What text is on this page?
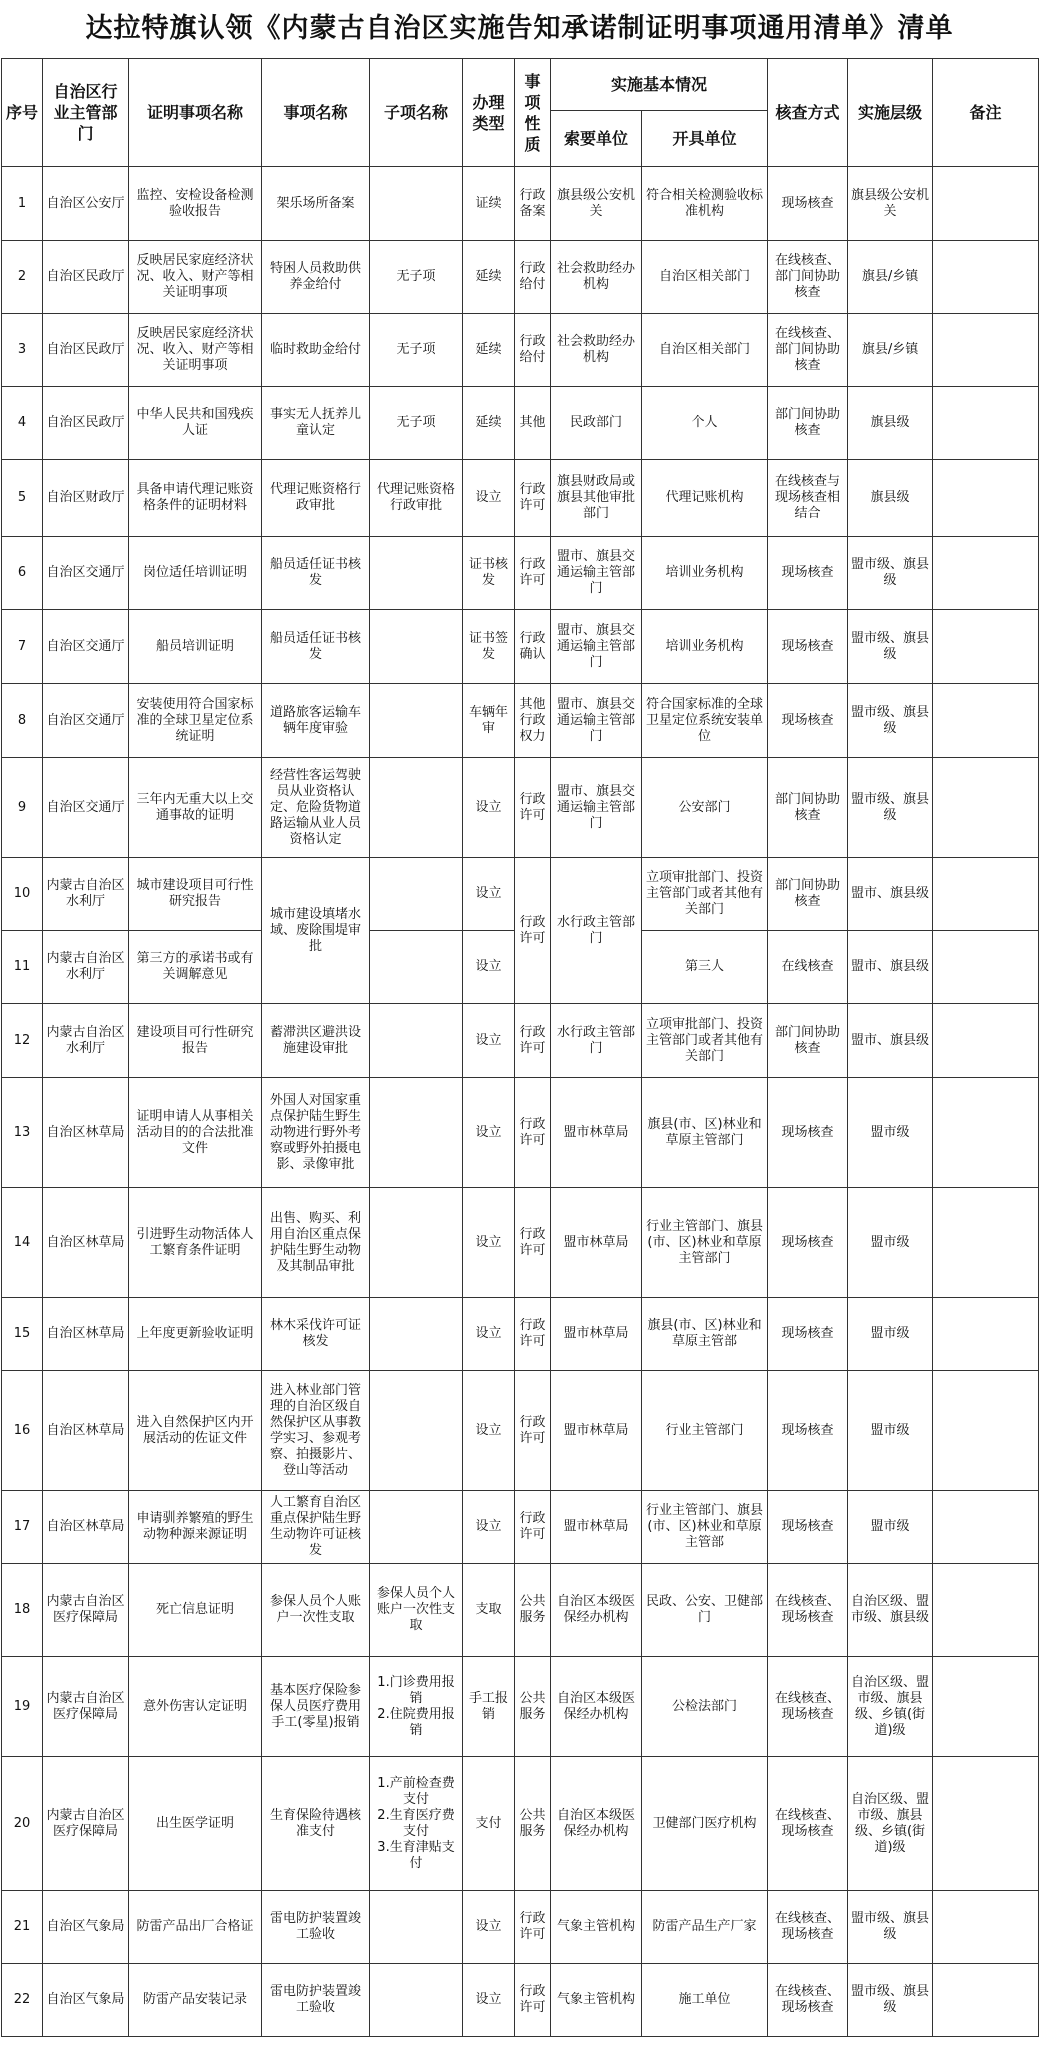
达拉特旗认领《内蒙古自治区实施告知承诺制证明事项通用清单》清单
序号	自治区行业主管部门	证明事项名称	事项名称	子项名称	办理类型	事项性质	实施基本情况		核查方式	实施层级	备注
							索要单位	开具单位			
1	自治区公安厅	监控、安检设备检测验收报告	架乐场所备案		证续	行政备案	旗县级公安机关	符合相关检测验收标准机构	现场核查	旗县级公安机关	
2	自治区民政厅	反映居民家庭经济状况、收入、财产等相关证明事项	特困人员救助供养金给付	无子项	延续	行政给付	社会救助经办机构	自治区相关部门	在线核查、部门间协助核查	旗县/乡镇	
3	自治区民政厅	反映居民家庭经济状况、收入、财产等相关证明事项	临时救助金给付	无子项	延续	行政给付	社会救助经办机构	自治区相关部门	在线核查、部门间协助核查	旗县/乡镇	
4	自治区民政厅	中华人民共和国残疾人证	事实无人抚养儿童认定	无子项	延续	其他	民政部门	个人	部门间协助核查	旗县级	
5	自治区财政厅	具备申请代理记账资格条件的证明材料	代理记账资格行政审批	代理记账资格行政审批	设立	行政许可	旗县财政局或旗县其他审批部门	代理记账机构	在线核查与现场核查相结合	旗县级	
6	自治区交通厅	岗位适任培训证明	船员适任证书核发		证书核发	行政许可	盟市、旗县交通运输主管部门	培训业务机构	现场核查	盟市级、旗县级	
7	自治区交通厅	船员培训证明	船员适任证书核发		证书签发	行政确认	盟市、旗县交通运输主管部门	培训业务机构	现场核查	盟市级、旗县级	
8	自治区交通厅	安装使用符合国家标准的全球卫星定位系统证明	道路旅客运输车辆年度审验		车辆年审	其他行政权力	盟市、旗县交通运输主管部门	符合国家标准的全球卫星定位系统安装单位	现场核查	盟市级、旗县级	
9	自治区交通厅	三年内无重大以上交通事故的证明	经营性客运驾驶员从业资格认定、危险货物道路运输从业人员资格认定		设立	行政许可	盟市、旗县交通运输主管部门	公安部门	部门间协助核查	盟市级、旗县级	
10	内蒙古自治区水利厅	城市建设项目可行性研究报告	城市建设填堵水域、废除围堤审批		设立	行政许可	水行政主管部门	立项审批部门、投资主管部门或者其他有关部门	部门间协助核查	盟市、旗县级	
11	内蒙古自治区水利厅	第三方的承诺书或有关调解意见			设立			第三人	在线核查	盟市、旗县级	
12	内蒙古自治区水利厅	建设项目可行性研究报告	蓄滞洪区避洪设施建设审批		设立	行政许可	水行政主管部门	立项审批部门、投资主管部门或者其他有关部门	部门间协助核查	盟市、旗县级	
13	自治区林草局	证明申请人从事相关活动目的的合法批准文件	外国人对国家重点保护陆生野生动物进行野外考察或野外拍摄电影、录像审批		设立	行政许可	盟市林草局	旗县(市、区)林业和草原主管部门	现场核查	盟市级	
14	自治区林草局	引进野生动物活体人工繁育条件证明	出售、购买、利用自治区重点保护陆生野生动物及其制品审批		设立	行政许可	盟市林草局	行业主管部门、旗县(市、区)林业和草原主管部门	现场核查	盟市级	
15	自治区林草局	上年度更新验收证明	林木采伐许可证核发		设立	行政许可	盟市林草局	旗县(市、区)林业和草原主管部	现场核查	盟市级	
16	自治区林草局	进入自然保护区内开展活动的佐证文件	进入林业部门管理的自治区级自然保护区从事教学实习、参观考察、拍摄影片、登山等活动		设立	行政许可	盟市林草局	行业主管部门	现场核查	盟市级	
17	自治区林草局	申请驯养繁殖的野生动物种源来源证明	人工繁育自治区重点保护陆生野生动物许可证核发		设立	行政许可	盟市林草局	行业主管部门、旗县(市、区)林业和草原主管部	现场核查	盟市级	
18	内蒙古自治区医疗保障局	死亡信息证明	参保人员个人账户一次性支取	参保人员个人账户一次性支取	支取	公共服务	自治区本级医保经办机构	民政、公安、卫健部门	在线核查、现场核查	自治区级、盟市级、旗县级	
19	内蒙古自治区医疗保障局	意外伤害认定证明	基本医疗保险参保人员医疗费用手工(零星)报销	1.门诊费用报销
2.住院费用报销	手工报销	公共服务	自治区本级医保经办机构	公检法部门	在线核查、现场核查	自治区级、盟市级、旗县级、乡镇(街道)级	
20	内蒙古自治区医疗保障局	出生医学证明	生育保险待遇核准支付	1.产前检查费支付
2.生育医疗费支付
3.生育津贴支付	支付	公共服务	自治区本级医保经办机构	卫健部门医疗机构	在线核查、现场核查	自治区级、盟市级、旗县级、乡镇(街道)级	
21	自治区气象局	防雷产品出厂合格证	雷电防护装置竣工验收		设立	行政许可	气象主管机构	防雷产品生产厂家	在线核查、现场核查	盟市级、旗县级	
22	自治区气象局	防雷产品安装记录	雷电防护装置竣工验收		设立	行政许可	气象主管机构	施工单位	在线核查、现场核查	盟市级、旗县级	
